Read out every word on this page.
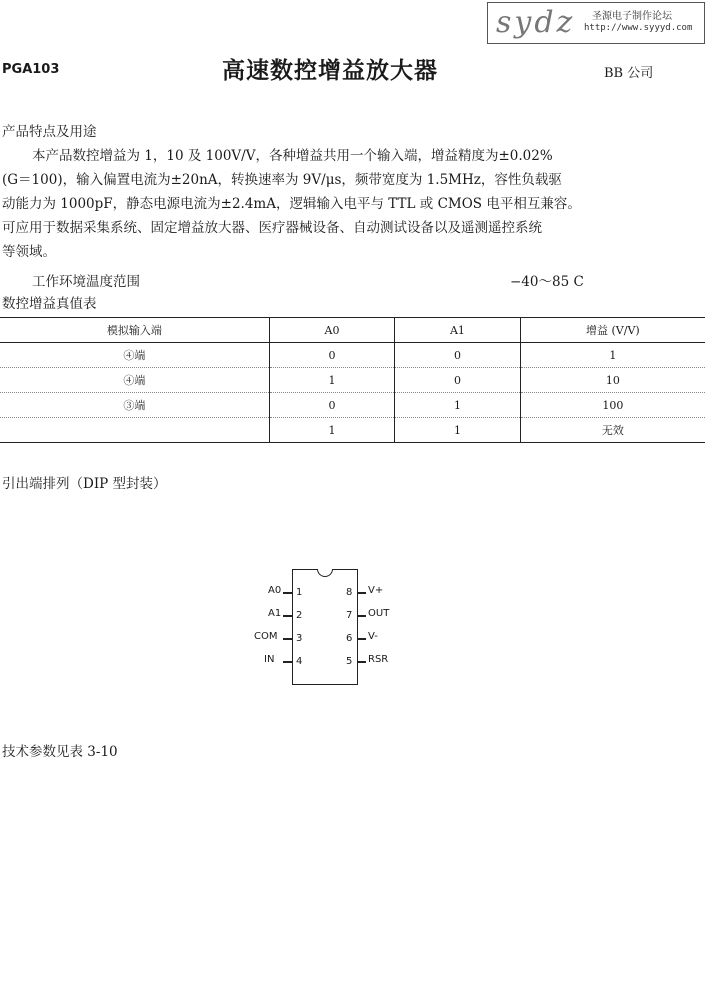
sydz 圣源电子制作论坛
http://www.syyyd.com
PGA103	高速数控增益放大器	BB 公司
产品特点及用途

本产品数控增益为 1，10 及 100V/V，各种增益共用一个输入端，增益精度为±0.02%

(G＝100)，输入偏置电流为±20nA，转换速率为 9V/μs，频带宽度为 1.5MHz，容性负载驱

动能力为 1000pF，静态电源电流为±2.4mA，逻辑输入电平与 TTL 或 CMOS 电平相互兼容。

可应用于数据采集系统、固定增益放大器、医疗器械设备、自动测试设备以及遥测遥控系统

等领域。

工作环境温度范围	−40～85 C
数控增益真值表
模拟输入端	A0	A1	增益 (V/V)
④端	0	0	1
④端	1	0	10
③端	0	1	100
	1	1	无效
引出端排列（DIP 型封装）
A0 1
A1 2
COM 3
IN 4
8 V+
7 OUT
6 V-
5 RSR
技术参数见表 3-10
